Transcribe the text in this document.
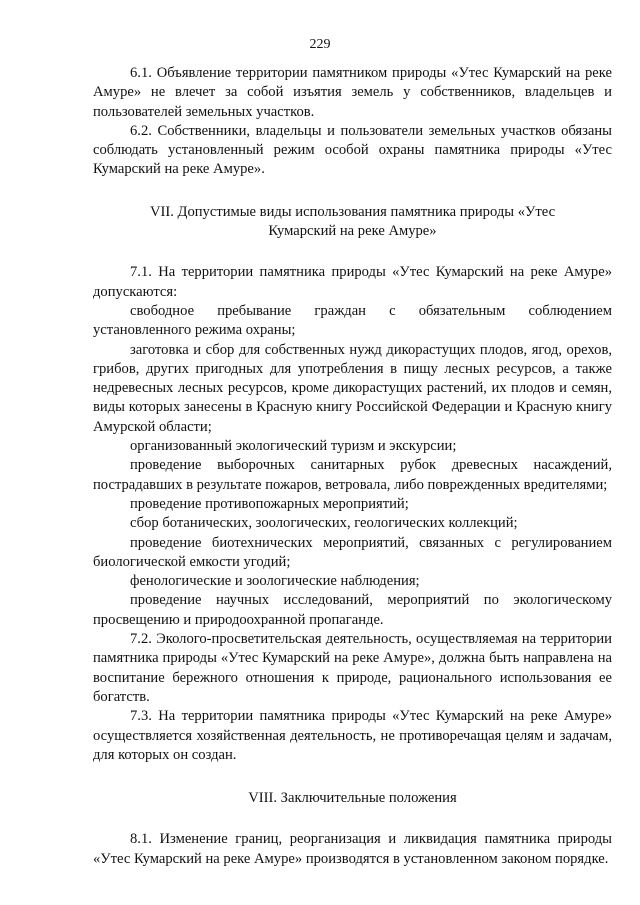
229

6.1. Объявление территории памятником природы «Утес Кумарский на реке Амуре» не влечет за собой изъятия земель у собственников, владельцев и пользователей земельных участков.

6.2. Собственники, владельцы и пользователи земельных участков обязаны соблюдать установленный режим особой охраны памятника природы «Утес Кумарский на реке Амуре».

VII. Допустимые виды использования памятника природы «Утес Кумарский на реке Амуре»

7.1. На территории памятника природы «Утес Кумарский на реке Амуре» допускаются:

свободное пребывание граждан с обязательным соблюдением установленного режима охраны;

заготовка и сбор для собственных нужд дикорастущих плодов, ягод, орехов, грибов, других пригодных для употребления в пищу лесных ресурсов, а также недревесных лесных ресурсов, кроме дикорастущих растений, их плодов и семян, виды которых занесены в Красную книгу Российской Федерации и Красную книгу Амурской области;

организованный экологический туризм и экскурсии;

проведение выборочных санитарных рубок древесных насаждений, пострадавших в результате пожаров, ветровала, либо поврежденных вредителями;

проведение противопожарных мероприятий;

сбор ботанических, зоологических, геологических коллекций;

проведение биотехнических мероприятий, связанных с регулированием биологической емкости угодий;

фенологические и зоологические наблюдения;

проведение научных исследований, мероприятий по экологическому просвещению и природоохранной пропаганде.

7.2. Эколого-просветительская деятельность, осуществляемая на территории памятника природы «Утес Кумарский на реке Амуре», должна быть направлена на воспитание бережного отношения к природе, рационального использования ее богатств.

7.3. На территории памятника природы «Утес Кумарский на реке Амуре» осуществляется хозяйственная деятельность, не противоречащая целям и задачам, для которых он создан.

VIII. Заключительные положения

8.1. Изменение границ, реорганизация и ликвидация памятника природы «Утес Кумарский на реке Амуре» производятся в установленном законом порядке.
